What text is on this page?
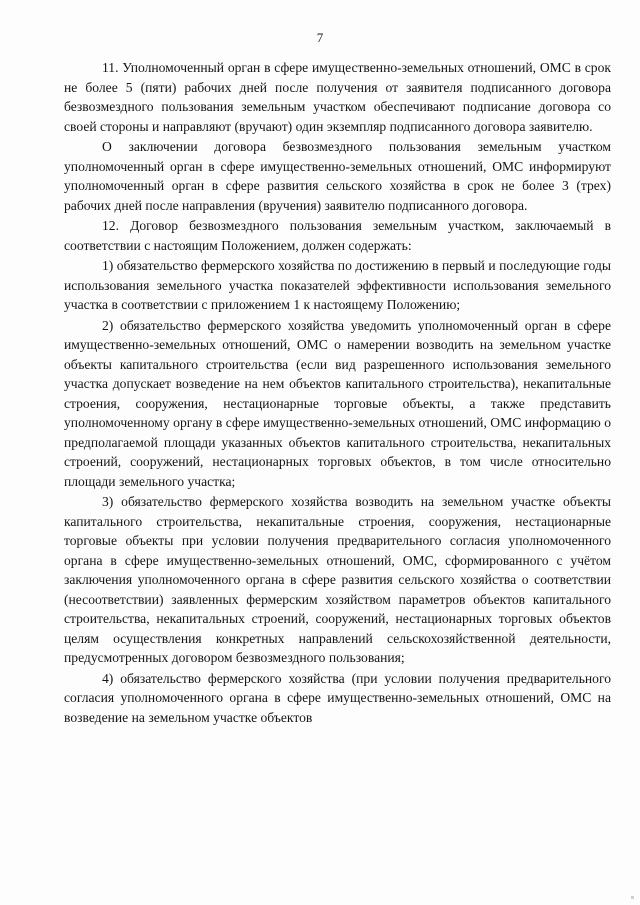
7

11. Уполномоченный орган в сфере имущественно-земельных отношений, ОМС в срок не более 5 (пяти) рабочих дней после получения от заявителя подписанного договора безвозмездного пользования земельным участком обеспечивают подписание договора со своей стороны и направляют (вручают) один экземпляр подписанного договора заявителю.

О заключении договора безвозмездного пользования земельным участком уполномоченный орган в сфере имущественно-земельных отношений, ОМС информируют уполномоченный орган в сфере развития сельского хозяйства в срок не более 3 (трех) рабочих дней после направления (вручения) заявителю подписанного договора.

12. Договор безвозмездного пользования земельным участком, заключаемый в соответствии с настоящим Положением, должен содержать:

1) обязательство фермерского хозяйства по достижению в первый и последующие годы использования земельного участка показателей эффективности использования земельного участка в соответствии с приложением 1 к настоящему Положению;

2) обязательство фермерского хозяйства уведомить уполномоченный орган в сфере имущественно-земельных отношений, ОМС о намерении возводить на земельном участке объекты капитального строительства (если вид разрешенного использования земельного участка допускает возведение на нем объектов капитального строительства), некапитальные строения, сооружения, нестационарные торговые объекты, а также представить уполномоченному органу в сфере имущественно-земельных отношений, ОМС информацию о предполагаемой площади указанных объектов капитального строительства, некапитальных строений, сооружений, нестационарных торговых объектов, в том числе относительно площади земельного участка;

3) обязательство фермерского хозяйства возводить на земельном участке объекты капитального строительства, некапитальные строения, сооружения, нестационарные торговые объекты при условии получения предварительного согласия уполномоченного органа в сфере имущественно-земельных отношений, ОМС, сформированного с учётом заключения уполномоченного органа в сфере развития сельского хозяйства о соответствии (несоответствии) заявленных фермерским хозяйством параметров объектов капитального строительства, некапитальных строений, сооружений, нестационарных торговых объектов целям осуществления конкретных направлений сельскохозяйственной деятельности, предусмотренных договором безвозмездного пользования;

4) обязательство фермерского хозяйства (при условии получения предварительного согласия уполномоченного органа в сфере имущественно-земельных отношений, ОМС на возведение на земельном участке объектов
